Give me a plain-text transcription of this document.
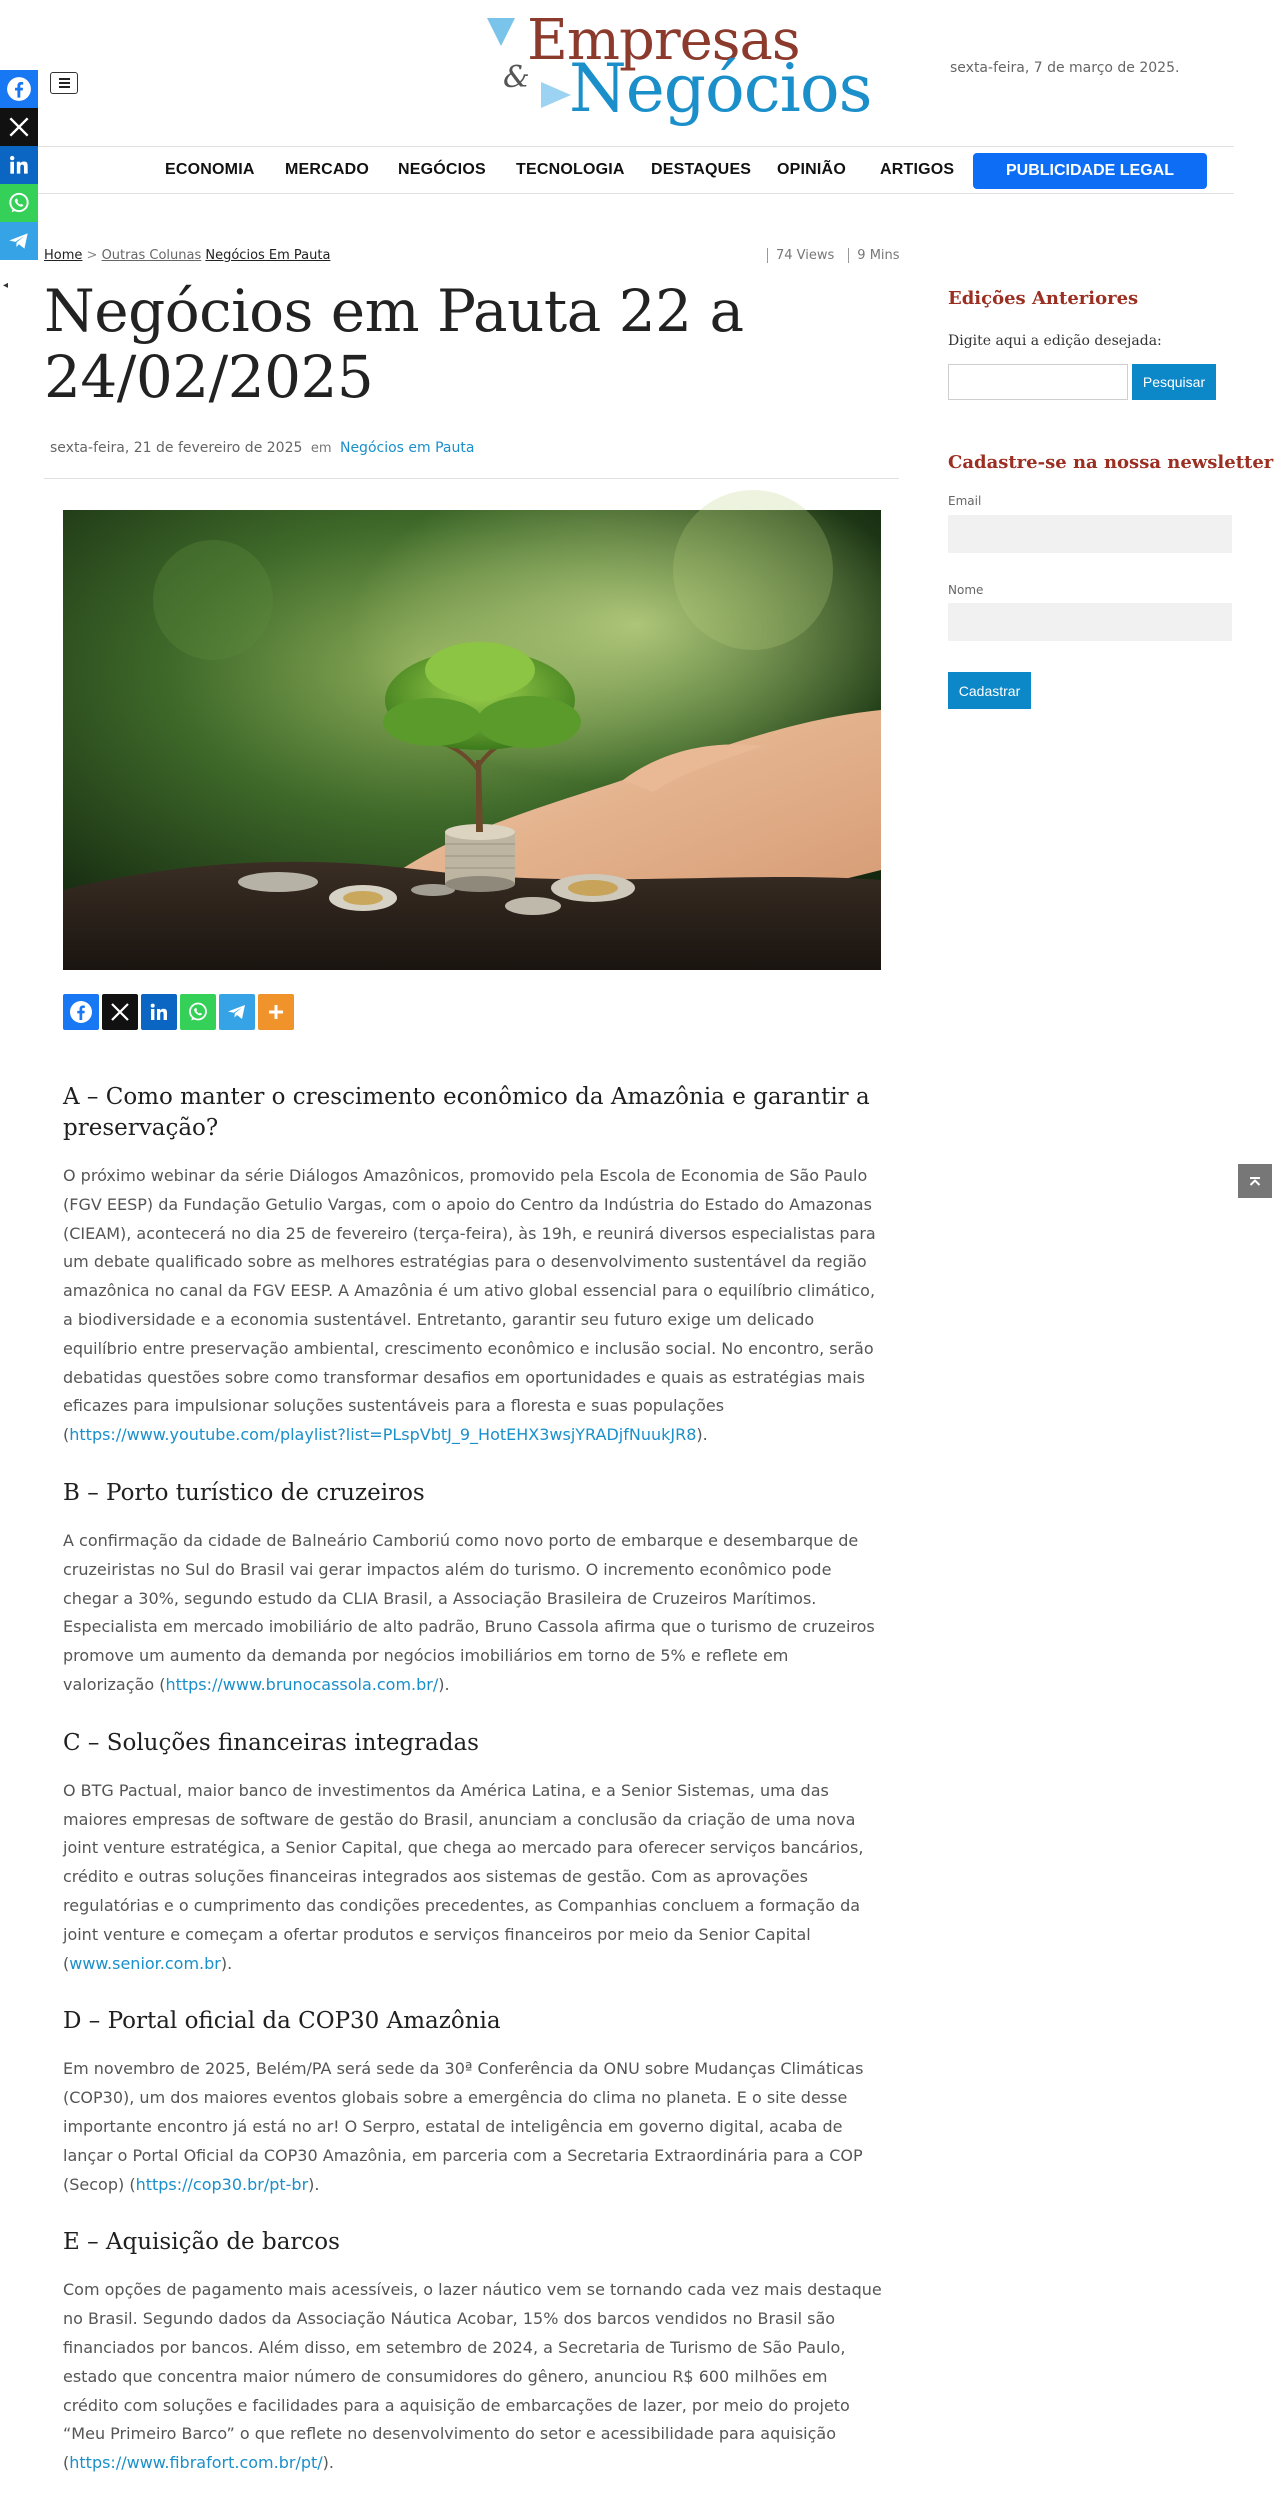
◂
Empresas
& Negócios	sexta-feira, 7 de março de 2025.
ECONOMIA MERCADO NEGÓCIOS TECNOLOGIA DESTAQUES OPINIÃO ARTIGOS	PUBLICIDADE LEGAL
Home > Outras Colunas Negócios Em Pauta	74 Views	9 Mins
Negócios em Pauta 22 a 24/02/2025
sexta-feira, 21 de fevereiro de 2025 em Negócios em Pauta
A – Como manter o crescimento econômico da Amazônia e garantir a preservação?

O próximo webinar da série Diálogos Amazônicos, promovido pela Escola de Economia de São Paulo (FGV EESP) da Fundação Getulio Vargas, com o apoio do Centro da Indústria do Estado do Amazonas (CIEAM), acontecerá no dia 25 de fevereiro (terça-feira), às 19h, e reunirá diversos especialistas para um debate qualificado sobre as melhores estratégias para o desenvolvimento sustentável da região amazônica no canal da FGV EESP. A Amazônia é um ativo global essencial para o equilíbrio climático, a biodiversidade e a economia sustentável. Entretanto, garantir seu futuro exige um delicado equilíbrio entre preservação ambiental, crescimento econômico e inclusão social. No encontro, serão debatidas questões sobre como transformar desafios em oportunidades e quais as estratégias mais eficazes para impulsionar soluções sustentáveis para a floresta e suas populações (https://www.youtube.com/playlist?list=PLspVbtJ_9_HotEHX3wsjYRADjfNuukJR8).

B – Porto turístico de cruzeiros

A confirmação da cidade de Balneário Camboriú como novo porto de embarque e desembarque de cruzeiristas no Sul do Brasil vai gerar impactos além do turismo. O incremento econômico pode chegar a 30%, segundo estudo da CLIA Brasil, a Associação Brasileira de Cruzeiros Marítimos. Especialista em mercado imobiliário de alto padrão, Bruno Cassola afirma que o turismo de cruzeiros promove um aumento da demanda por negócios imobiliários em torno de 5% e reflete em valorização (https://www.brunocassola.com.br/).

C – Soluções financeiras integradas

O BTG Pactual, maior banco de investimentos da América Latina, e a Senior Sistemas, uma das maiores empresas de software de gestão do Brasil, anunciam a conclusão da criação de uma nova joint venture estratégica, a Senior Capital, que chega ao mercado para oferecer serviços bancários, crédito e outras soluções financeiras integrados aos sistemas de gestão. Com as aprovações regulatórias e o cumprimento das condições precedentes, as Companhias concluem a formação da joint venture e começam a ofertar produtos e serviços financeiros por meio da Senior Capital (www.senior.com.br).

D – Portal oficial da COP30 Amazônia

Em novembro de 2025, Belém/PA será sede da 30ª Conferência da ONU sobre Mudanças Climáticas (COP30), um dos maiores eventos globais sobre a emergência do clima no planeta. E o site desse importante encontro já está no ar! O Serpro, estatal de inteligência em governo digital, acaba de lançar o Portal Oficial da COP30 Amazônia, em parceria com a Secretaria Extraordinária para a COP (Secop) (https://cop30.br/pt-br).

E – Aquisição de barcos

Com opções de pagamento mais acessíveis, o lazer náutico vem se tornando cada vez mais destaque no Brasil. Segundo dados da Associação Náutica Acobar, 15% dos barcos vendidos no Brasil são financiados por bancos. Além disso, em setembro de 2024, a Secretaria de Turismo de São Paulo, estado que concentra maior número de consumidores do gênero, anunciou R$ 600 milhões em crédito com soluções e facilidades para a aquisição de embarcações de lazer, por meio do projeto “Meu Primeiro Barco” o que reflete no desenvolvimento do setor e acessibilidade para aquisição (https://www.fibrafort.com.br/pt/).

Edições Anteriores
Digite aqui a edição desejada:
Pesquisar
Cadastre-se na nossa newsletter
Email
Nome
Cadastrar
